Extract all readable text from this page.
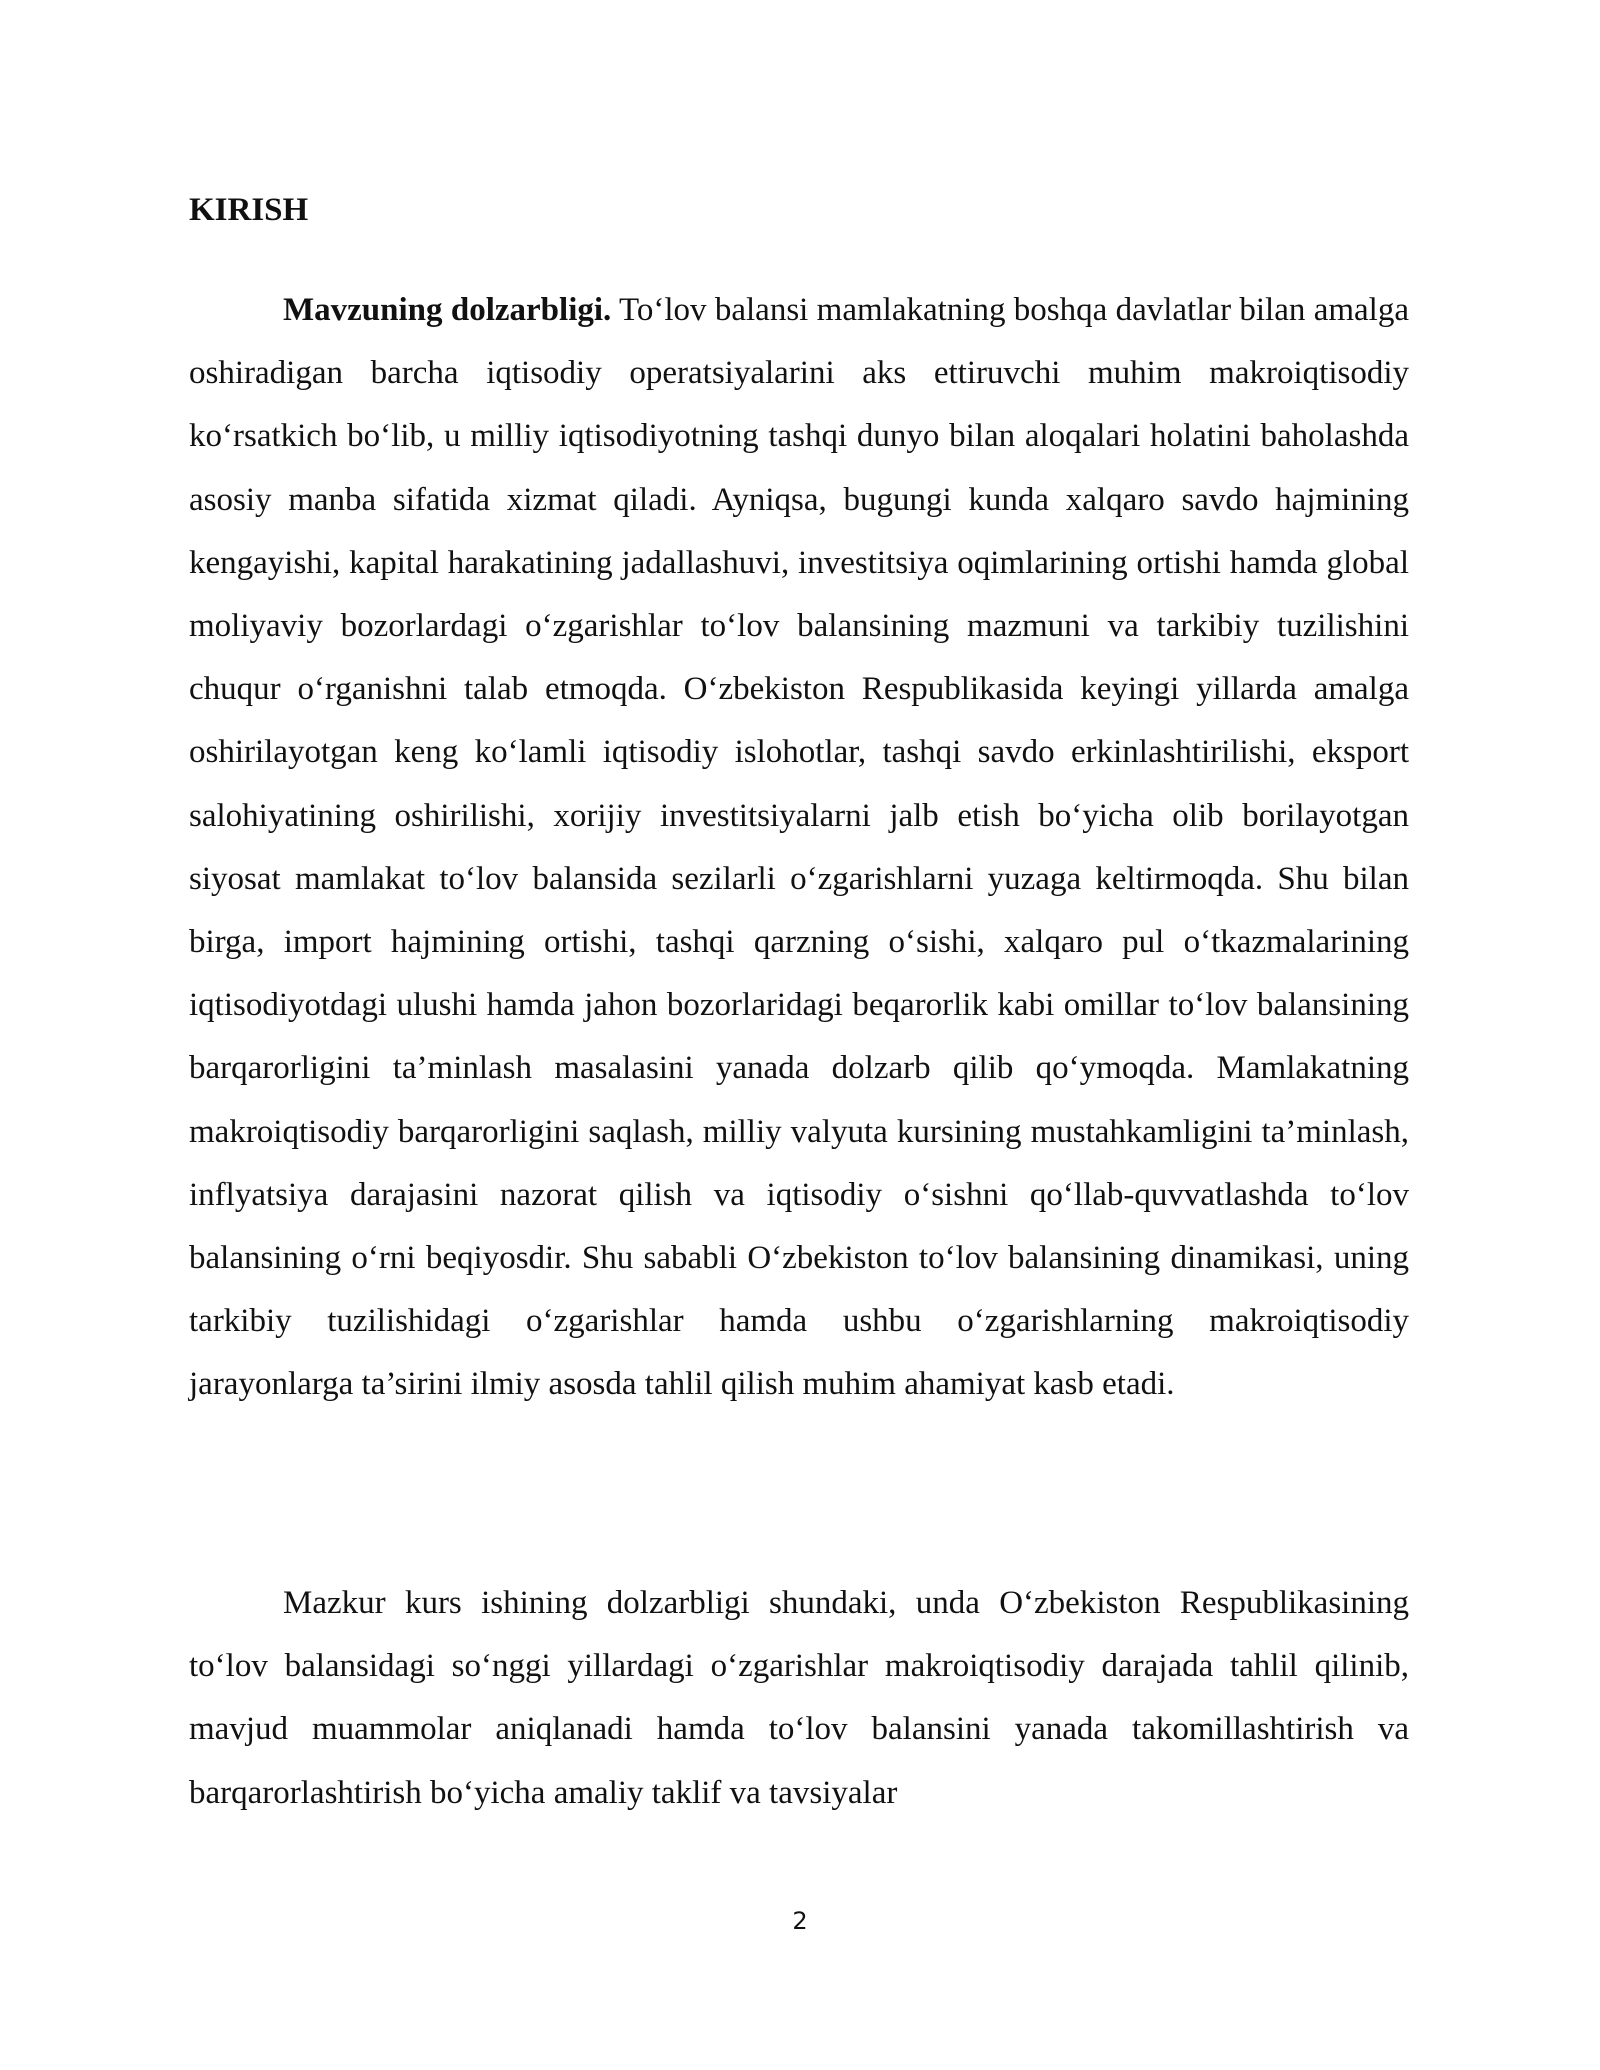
KIRISH

Mavzuning dolzarbligi. To‘lov balansi mamlakatning boshqa davlatlar bilan amalga oshiradigan barcha iqtisodiy operatsiyalarini aks ettiruvchi muhim makroiqtisodiy ko‘rsatkich bo‘lib, u milliy iqtisodiyotning tashqi dunyo bilan aloqalari holatini baholashda asosiy manba sifatida xizmat qiladi. Ayniqsa, bugungi kunda xalqaro savdo hajmining kengayishi, kapital harakatining jadallashuvi, investitsiya oqimlarining ortishi hamda global moliyaviy bozorlardagi o‘zgarishlar to‘lov balansining mazmuni va tarkibiy tuzilishini chuqur o‘rganishni talab etmoqda. O‘zbekiston Respublikasida keyingi yillarda amalga oshirilayotgan keng ko‘lamli iqtisodiy islohotlar, tashqi savdo erkinlashtirilishi, eksport salohiyatining oshirilishi, xorijiy investitsiyalarni jalb etish bo‘yicha olib borilayotgan siyosat mamlakat to‘lov balansida sezilarli o‘zgarishlarni yuzaga keltirmoqda. Shu bilan birga, import hajmining ortishi, tashqi qarzning o‘sishi, xalqaro pul o‘tkazmalarining iqtisodiyotdagi ulushi hamda jahon bozorlaridagi beqarorlik kabi omillar to‘lov balansining barqarorligini ta’minlash masalasini yanada dolzarb qilib qo‘ymoqda. Mamlakatning makroiqtisodiy barqarorligini saqlash, milliy valyuta kursining mustahkamligini ta’minlash, inflyatsiya darajasini nazorat qilish va iqtisodiy o‘sishni qo‘llab-quvvatlashda to‘lov balansining o‘rni beqiyosdir. Shu sababli O‘zbekiston to‘lov balansining dinamikasi, uning tarkibiy tuzilishidagi o‘zgarishlar hamda ushbu o‘zgarishlarning makroiqtisodiy jarayonlarga ta’sirini ilmiy asosda tahlil qilish muhim ahamiyat kasb etadi.

Mazkur kurs ishining dolzarbligi shundaki, unda O‘zbekiston Respublikasining to‘lov balansidagi so‘nggi yillardagi o‘zgarishlar makroiqtisodiy darajada tahlil qilinib, mavjud muammolar aniqlanadi hamda to‘lov balansini yanada takomillashtirish va barqarorlashtirish bo‘yicha amaliy taklif va tavsiyalar

2
